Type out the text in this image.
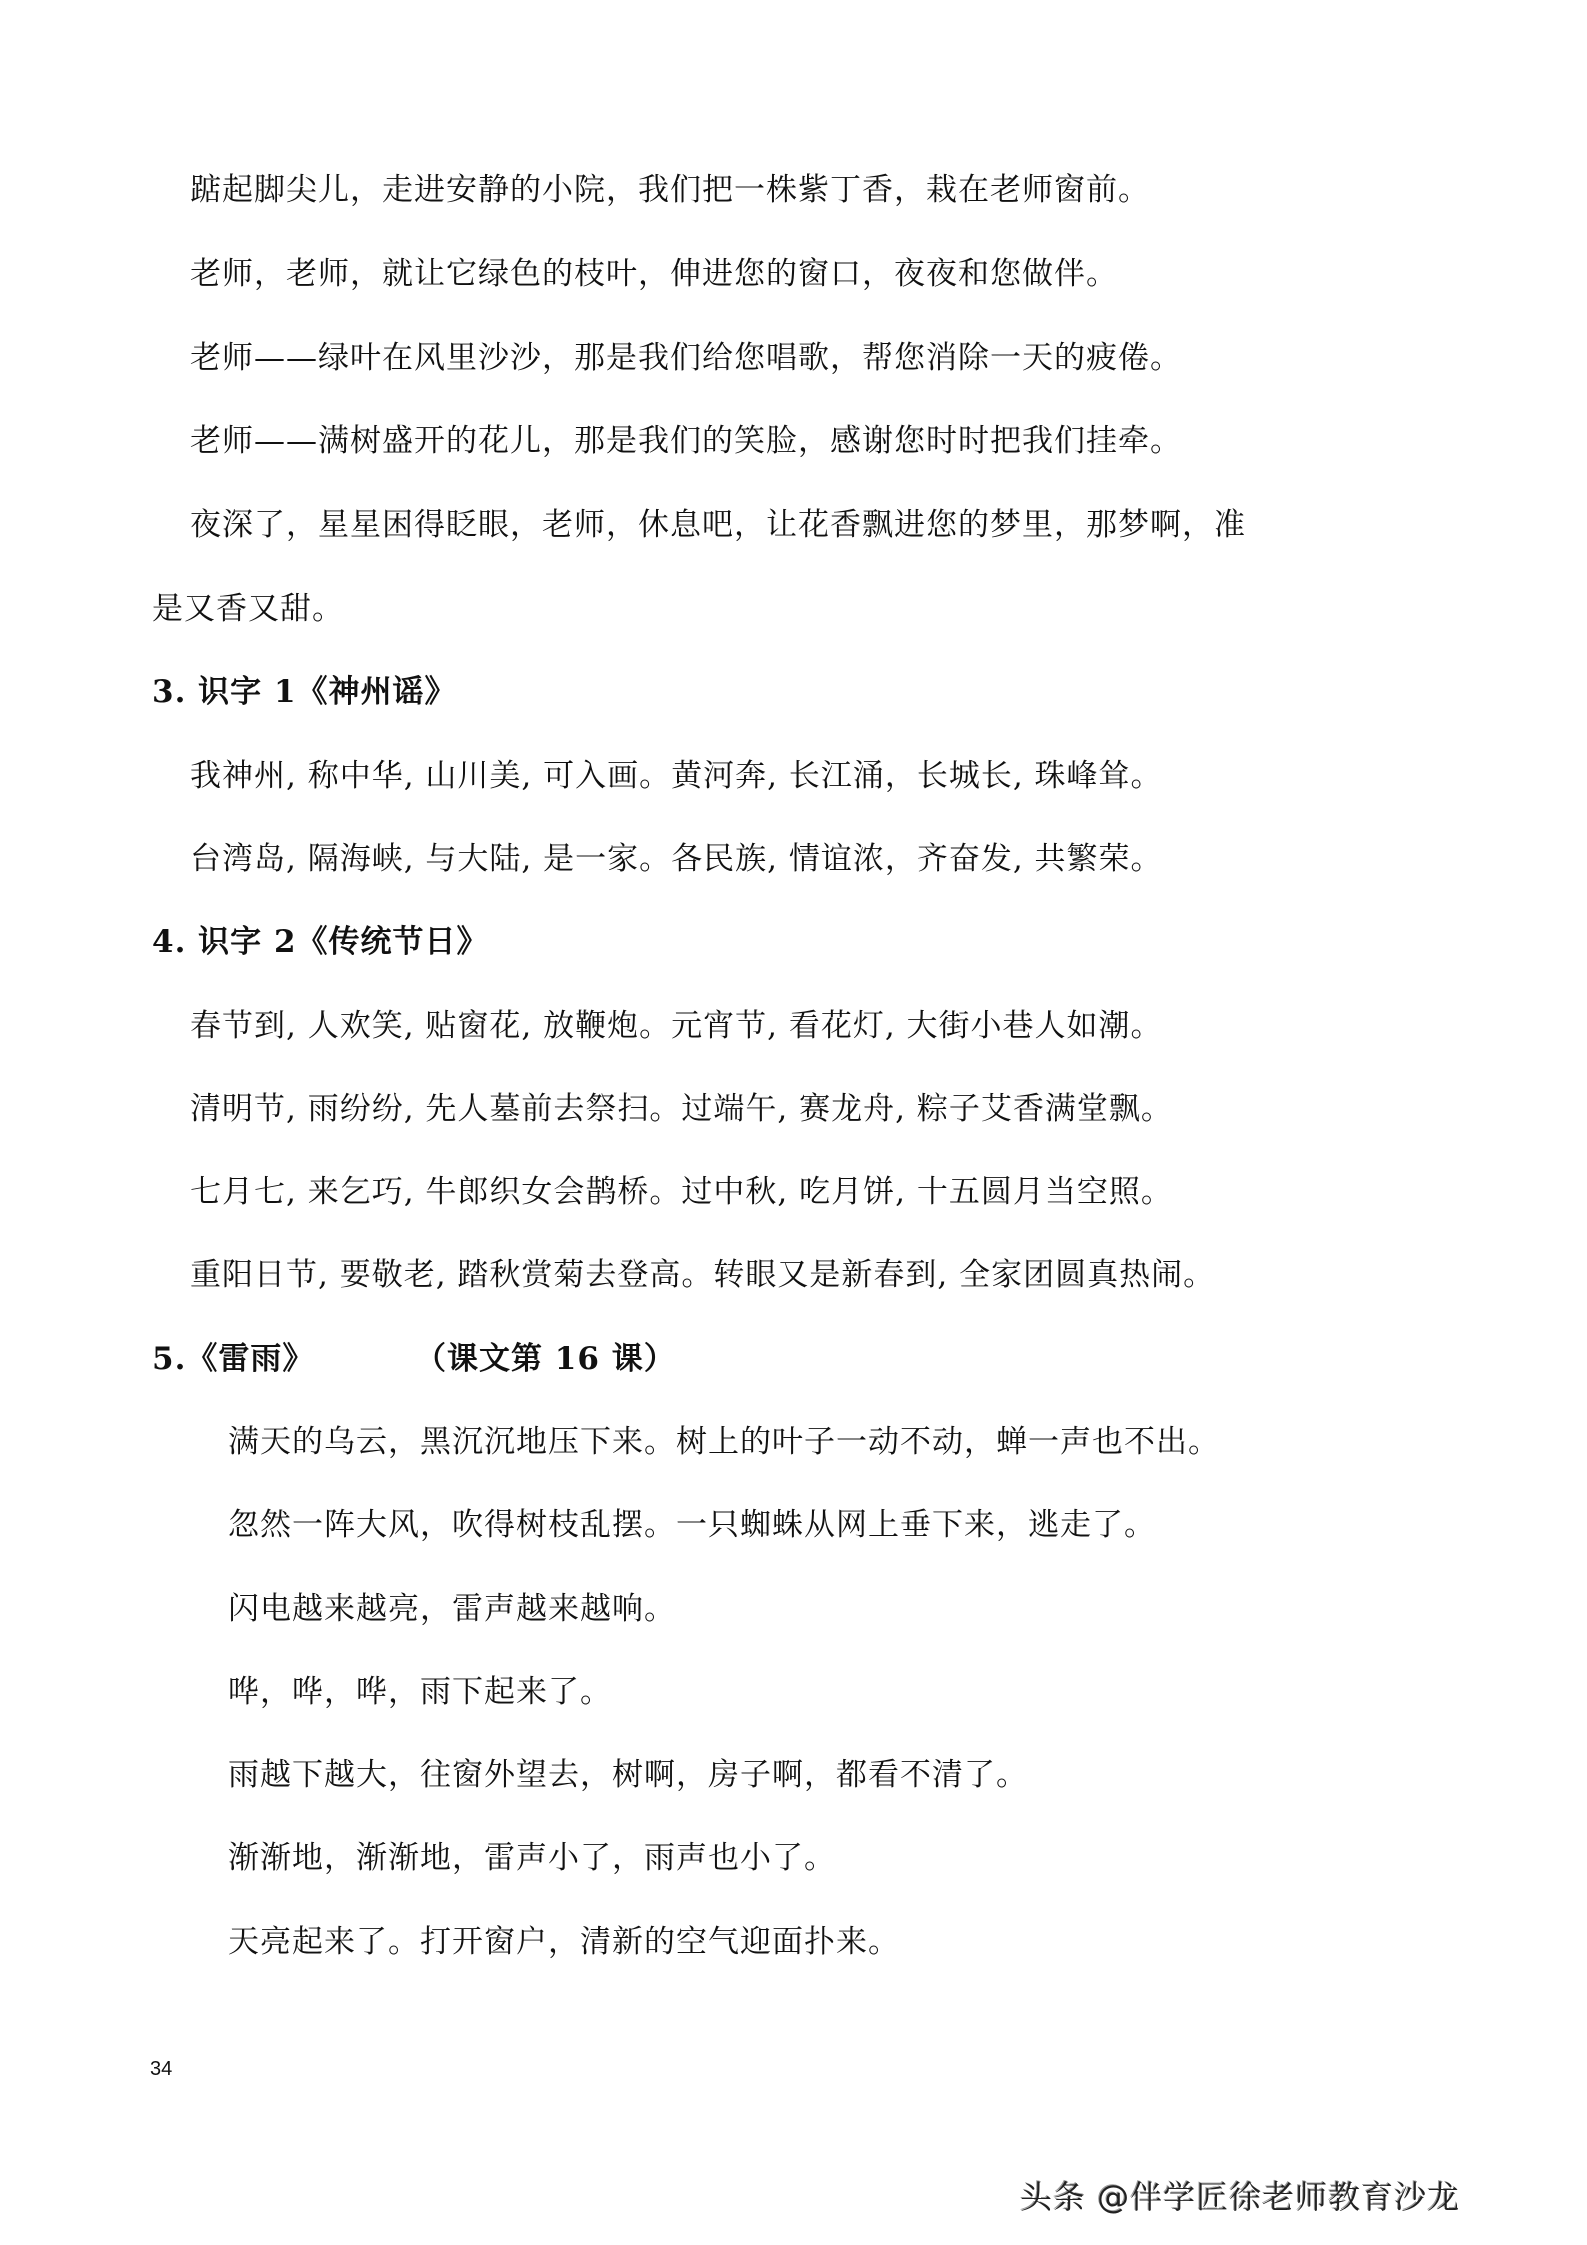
踮起脚尖儿，走进安静的小院，我们把一株紫丁香，栽在老师窗前。
老师，老师，就让它绿色的枝叶，伸进您的窗口，夜夜和您做伴。
老师——绿叶在风里沙沙，那是我们给您唱歌，帮您消除一天的疲倦。
老师——满树盛开的花儿，那是我们的笑脸，感谢您时时把我们挂牵。
夜深了，星星困得眨眼，老师，休息吧，让花香飘进您的梦里，那梦啊，准
是又香又甜。
3. 识字 1《神州谣》
我神州, 称中华, 山川美, 可入画。黄河奔, 长江涌，长城长, 珠峰耸。
台湾岛, 隔海峡, 与大陆, 是一家。各民族, 情谊浓，齐奋发, 共繁荣。
4. 识字 2《传统节日》
春节到, 人欢笑, 贴窗花, 放鞭炮。元宵节, 看花灯, 大街小巷人如潮。
清明节, 雨纷纷, 先人墓前去祭扫。过端午, 赛龙舟, 粽子艾香满堂飘。
七月七, 来乞巧, 牛郎织女会鹊桥。过中秋, 吃月饼, 十五圆月当空照。
重阳日节, 要敬老, 踏秋赏菊去登高。转眼又是新春到, 全家团圆真热闹。
5.《雷雨》	（课文第 16 课）
满天的乌云，黑沉沉地压下来。树上的叶子一动不动，蝉一声也不出。
忽然一阵大风，吹得树枝乱摆。一只蜘蛛从网上垂下来，逃走了。
闪电越来越亮，雷声越来越响。
哗，哗，哗，雨下起来了。
雨越下越大，往窗外望去，树啊，房子啊，都看不清了。
渐渐地，渐渐地，雷声小了，雨声也小了。
天亮起来了。打开窗户，清新的空气迎面扑来。
34
头条 @伴学匠徐老师教育沙龙
